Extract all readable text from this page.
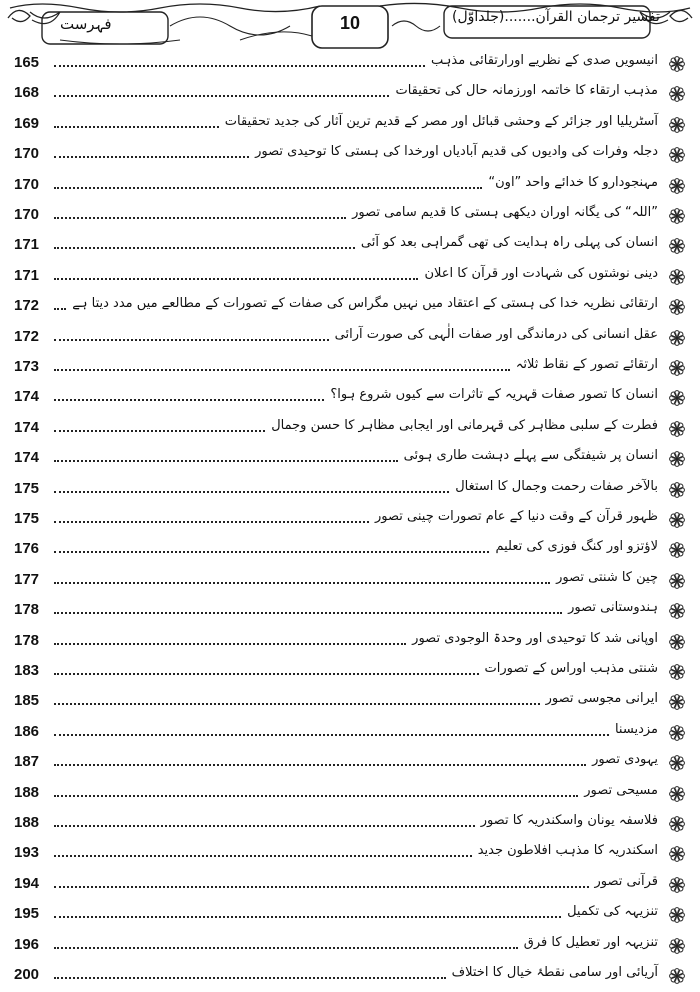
فہرست	10	تفسیر ترجمان القرآن.......(جلداوّل)
165	انیسویں صدی کے نظریے اورارتقائی مذہب
168	مذہب ارتقاء کا خاتمہ اورزمانہ حال کی تحقیقات
169	آسٹریلیا اور جزائر کے وحشی قبائل اور مصر کے قدیم ترین آثار کی جدید تحقیقات
170	دجلہ وفرات کی وادیوں کی قدیم آبادیاں اورخدا کی ہستی کا توحیدی تصور
170	مہنجودارو کا خدائے واحد ”اون“
170	”اللہ“ کی یگانہ اوران دیکھی ہستی کا قدیم سامی تصور
171	انسان کی پہلی راہ ہدایت کی تھی گمراہی بعد کو آئی
171	دینی نوشتوں کی شہادت اور قرآن کا اعلان
172	ارتقائی نظریہ خدا کی ہستی کے اعتقاد میں نہیں مگراس کی صفات کے تصورات کے مطالعے میں مدد دیتا ہے
172	عقل انسانی کی درماندگی اور صفات الٰہی کی صورت آرائی
173	ارتقائے تصور کے نقاط ثلاثہ
174	انسان کا تصور صفات قہریہ کے تاثرات سے کیوں شروع ہوا؟
174	فطرت کے سلبی مظاہر کی قہرمانی اور ایجابی مظاہر کا حسن وجمال
174	انسان پر شیفتگی سے پہلے دہشت طاری ہوئی
175	بالآخر صفات رحمت وجمال کا استغال
175	ظہور قرآن کے وقت دنیا کے عام تصورات چینی تصور
176	لاؤتزو اور کنگ فوزی کی تعلیم
177	چین کا شنتی تصور
178	ہندوستانی تصور
178	اوپانی شد کا توحیدی اور وحدۃ الوجودی تصور
183	شنتی مذہب اوراس کے تصورات
185	ایرانی مجوسی تصور
186	مزدیسنا
187	یہودی تصور
188	مسیحی تصور
188	فلاسفہ یونان واسکندریہ کا تصور
193	اسکندریہ کا مذہب افلاطون جدید
194	قرآنی تصور
195	تنزیہہ کی تکمیل
196	تنزیہہ اور تعطیل کا فرق
200	آریائی اور سامی نقطۂ خیال کا اختلاف
